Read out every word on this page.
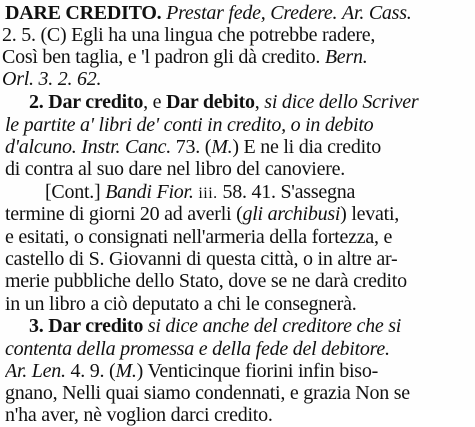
DARE CREDITO. Prestar fede, Credere. Ar. Cass.
2. 5. (C) Egli ha una lingua che potrebbe radere,
Così ben taglia, e 'l padron gli dà credito. Bern.
Orl. 3. 2. 62.
2. Dar credito, e Dar debito, si dice dello Scriver
le partite a' libri de' conti in credito, o in debito
d'alcuno. Instr. Canc. 73. (M.) E ne li dia credito
di contra al suo dare nel libro del canoviere.
[Cont.] Bandi Fior. iii. 58. 41. S'assegna
termine di giorni 20 ad averli (gli archibusi) levati,
e esitati, o consignati nell'armeria della fortezza, e
castello di S. Giovanni di questa città, o in altre ar-
merie pubbliche dello Stato, dove se ne darà credito
in un libro a ciò deputato a chi le consegnerà.
3. Dar credito si dice anche del creditore che si
contenta della promessa e della fede del debitore.
Ar. Len. 4. 9. (M.) Venticinque fiorini infin biso-
gnano, Nelli quai siamo condennati, e grazia Non se
n'ha aver, nè voglion darci credito.
